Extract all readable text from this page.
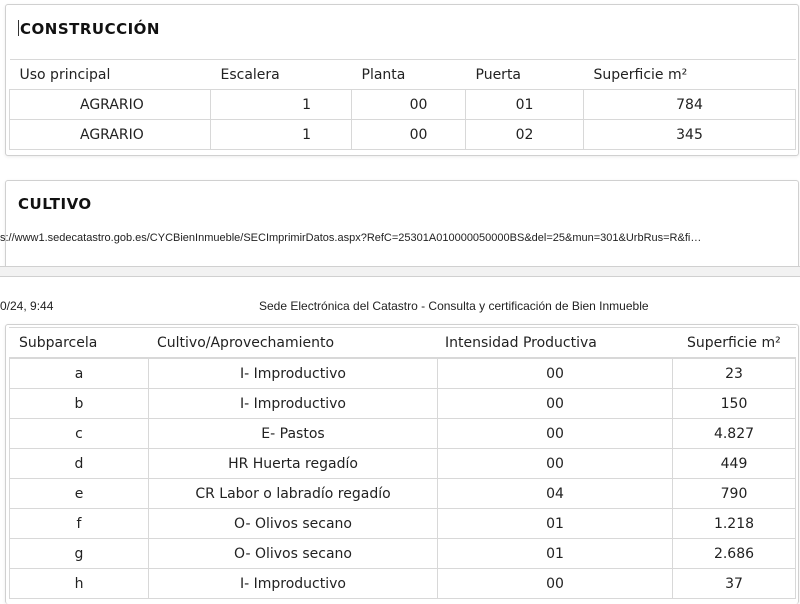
CONSTRUCCIÓN
Uso principal	Escalera	Planta	Puerta	Superficie m²
AGRARIO	1	00	01	784
AGRARIO	1	00	02	345
CULTIVO
s://www1.sedecatastro.gob.es/CYCBienInmueble/SECImprimirDatos.aspx?RefC=25301A010000050000BS&del=25&mun=301&UrbRus=R&fi…
0/24, 9:44	Sede Electrónica del Catastro - Consulta y certificación de Bien Inmueble
Subparcela	Cultivo/Aprovechamiento	Intensidad Productiva	Superficie m²
a	I- Improductivo	00	23
b	I- Improductivo	00	150
c	E- Pastos	00	4.827
d	HR Huerta regadío	00	449
e	CR Labor o labradío regadío	04	790
f	O- Olivos secano	01	1.218
g	O- Olivos secano	01	2.686
h	I- Improductivo	00	37
